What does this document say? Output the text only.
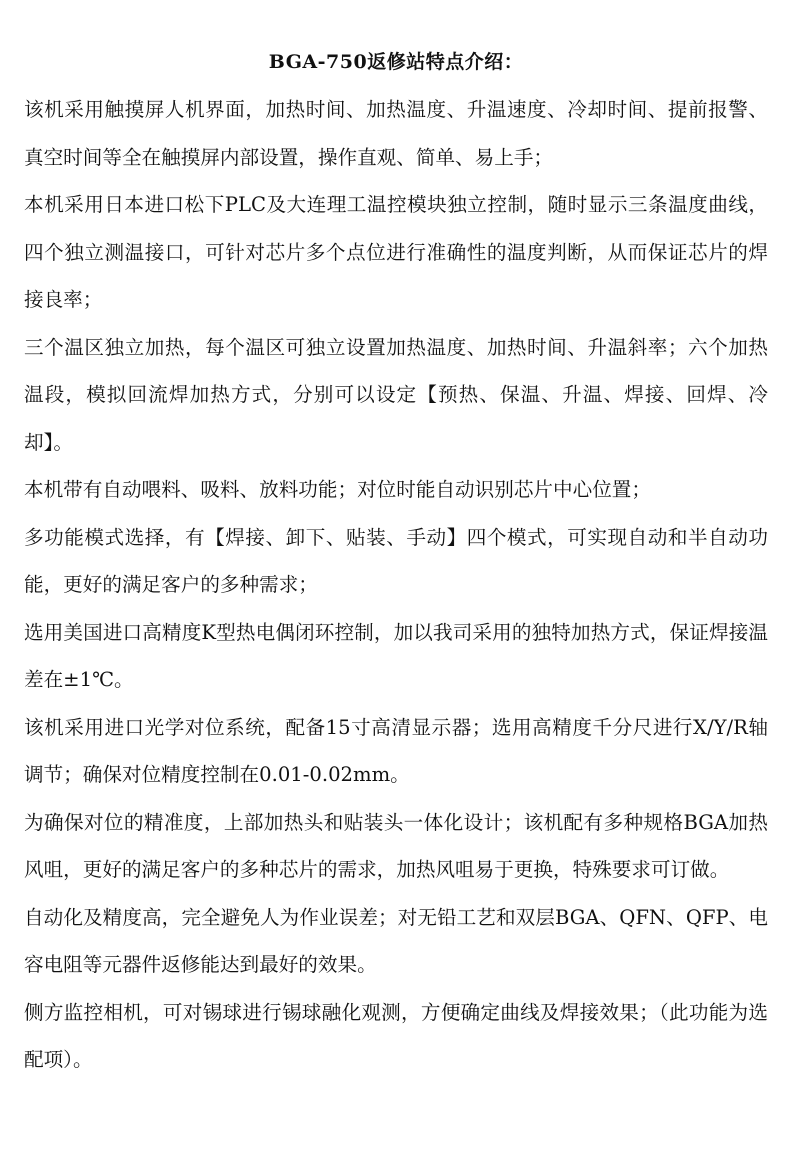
BGA-750返修站特点介绍：

该机采用触摸屏人机界面，加热时间、加热温度、升温速度、冷却时间、提前报警、真空时间等全在触摸屏内部设置，操作直观、简单、易上手；

本机采用日本进口松下PLC及大连理工温控模块独立控制，随时显示三条温度曲线，四个独立测温接口，可针对芯片多个点位进行准确性的温度判断，从而保证芯片的焊接良率；

三个温区独立加热，每个温区可独立设置加热温度、加热时间、升温斜率；六个加热温段，模拟回流焊加热方式，分别可以设定【预热、保温、升温、焊接、回焊、冷却】。

本机带有自动喂料、吸料、放料功能；对位时能自动识别芯片中心位置；

多功能模式选择，有【焊接、卸下、贴装、手动】四个模式，可实现自动和半自动功能，更好的满足客户的多种需求；

选用美国进口高精度K型热电偶闭环控制，加以我司采用的独特加热方式，保证焊接温差在±1℃。

该机采用进口光学对位系统，配备15寸高清显示器；选用高精度千分尺进行X/Y/R轴调节；确保对位精度控制在0.01-0.02mm。

为确保对位的精准度，上部加热头和贴装头一体化设计；该机配有多种规格BGA加热风咀，更好的满足客户的多种芯片的需求，加热风咀易于更换，特殊要求可订做。

自动化及精度高，完全避免人为作业误差；对无铅工艺和双层BGA、QFN、QFP、电容电阻等元器件返修能达到最好的效果。

侧方监控相机，可对锡球进行锡球融化观测，方便确定曲线及焊接效果；（此功能为选配项）。
